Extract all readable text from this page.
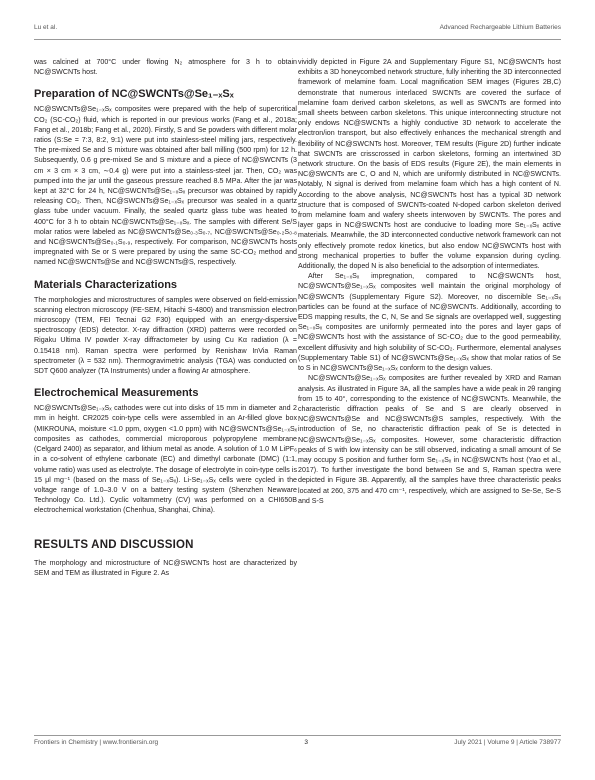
Lu et al.	Advanced Rechargeable Lithium Batteries

was calcined at 700°C under flowing N₂ atmosphere for 3 h to obtain NC@SWCNTs host.

Preparation of NC@SWCNTs@Se₁₋ₓSₓ

NC@SWCNTs@Se₁₋ₓSₓ composites were prepared with the help of supercritical CO₂ (SC-CO₂) fluid, which is reported in our previous works (Fang et al., 2018a; Fang et al., 2018b; Fang et al., 2020). Firstly, S and Se powders with different molar ratios (S:Se = 7:3, 8:2, 9:1) were put into stainless-steel milling jars, respectively. The pre-mixed Se and S mixture was obtained after ball milling (500 rpm) for 12 h. Subsequently, 0.6 g pre-mixed Se and S mixture and a piece of NC@SWCNTs (3 cm × 3 cm × 3 cm, ∼0.4 g) were put into a stainless-steel jar. Then, CO₂ was pumped into the jar until the gaseous pressure reached 8.5 MPa. After the jar was kept at 32°C for 24 h, NC@SWCNTs@Se₁₋ₓSₓ precursor was obtained by rapidly releasing CO₂. Then, NC@SWCNTs@Se₁₋ₓSₓ precursor was sealed in a quartz glass tube under vacuum. Finally, the sealed quartz glass tube was heated to 400°C for 3 h to obtain NC@SWCNTs@Se₁₋ₓSₓ. The samples with different Se/S molar ratios were labeled as NC@SWCNTs@Se₀.₃S₀.₇, NC@SWCNTs@Se₀.₂S₀.₈ and NC@SWCNTs@Se₀.₁S₀.₉, respectively. For comparison, NC@SWCNTs hosts impregnated with Se or S were prepared by using the same SC-CO₂ method and named NC@SWCNTs@Se and NC@SWCNTs@S, respectively.

Materials Characterizations

The morphologies and microstructures of samples were observed on field-emission scanning electron microscopy (FE-SEM, Hitachi S-4800) and transmission electron microscopy (TEM, FEI Tecnai G2 F30) equipped with an energy-dispersive spectroscopy (EDS) detector. X-ray diffraction (XRD) patterns were recorded on Rigaku Ultima IV powder X-ray diffractometer by using Cu Kα radiation (λ = 0.15418 nm). Raman spectra were performed by Renishaw InVia Raman spectrometer (λ = 532 nm). Thermogravimetric analysis (TGA) was conducted on SDT Q600 analyzer (TA Instruments) under a flowing Ar atmosphere.

Electrochemical Measurements

NC@SWCNTs@Se₁₋ₓSₓ cathodes were cut into disks of 15 mm in diameter and 2 mm in height. CR2025 coin-type cells were assembled in an Ar-filled glove box (MIKROUNA, moisture <1.0 ppm, oxygen <1.0 ppm) with NC@SWCNTs@Se₁₋ₓSₓ composites as cathodes, commercial microporous polypropylene membrane (Celgard 2400) as separator, and lithium metal as anode. A solution of 1.0 M LiPF₆ in a co-solvent of ethylene carbonate (EC) and dimethyl carbonate (DMC) (1:1, volume ratio) was used as electrolyte. The dosage of electrolyte in coin-type cells is 15 μl mg⁻¹ (based on the mass of Se₁₋ₓSₓ). Li-Se₁₋ₓSₓ cells were cycled in the voltage range of 1.0–3.0 V on a battery testing system (Shenzhen Newware Technology Co. Ltd.). Cyclic voltammetry (CV) was performed on a CHI650B electrochemical workstation (Chenhua, Shanghai, China).

RESULTS AND DISCUSSION

The morphology and microstructure of NC@SWCNTs host are characterized by SEM and TEM as illustrated in Figure 2. As

vividly depicted in Figure 2A and Supplementary Figure S1, NC@SWCNTs host exhibits a 3D honeycombed network structure, fully inheriting the 3D interconnected framework of melamine foam. Local magnification SEM images (Figures 2B,C) demonstrate that numerous interlaced SWCNTs are covered the surface of melamine foam derived carbon skeletons, as well as SWCNTs are formed into small sheets between carbon skeletons. This unique interconnecting structure not only endows NC@SWCNTs a highly conductive 3D network to accelerate the electron/ion transport, but also effectively enhances the mechanical strength and flexibility of NC@SWCNTs host. Moreover, TEM results (Figure 2D) further indicate that SWCNTs are crisscrossed in carbon skeletons, forming an intertwined 3D network structure. On the basis of EDS results (Figure 2E), the main elements in NC@SWCNTs are C, O and N, which are uniformly distributed in NC@SWCNTs. Notably, N signal is derived from melamine foam which has a high content of N. According to the above analysis, NC@SWCNTs host has a typical 3D network structure that is composed of SWCNTs-coated N-doped carbon skeleton derived from melamine foam and wafery sheets interwoven by SWCNTs. The pores and layer gaps in NC@SWCNTs host are conducive to loading more Se₁₋ₓSₓ active materials. Meanwhile, the 3D interconnected conductive network framework can not only effectively promote redox kinetics, but also endow NC@SWCNTs host with strong mechanical properties to buffer the volume expansion during cycling. Additionally, the doped N is also beneficial to the adsorption of intermediates.

After Se₁₋ₓSₓ impregnation, compared to NC@SWCNTs host, NC@SWCNTs@Se₁₋ₓSₓ composites well maintain the original morphology of NC@SWCNTs (Supplementary Figure S2). Moreover, no discernible Se₁₋ₓSₓ particles can be found at the surface of NC@SWCNTs. Additionally, according to EDS mapping results, the C, N, Se and Se signals are overlapped well, suggesting Se₁₋ₓSₓ composites are uniformly permeated into the pores and layer gaps of NC@SWCNTs host with the assistance of SC-CO₂ due to the good permeability, excellent diffusivity and high solubility of SC-CO₂. Furthermore, elemental analyses (Supplementary Table S1) of NC@SWCNTs@Se₁₋ₓSₓ show that molar ratios of Se to S in NC@SWCNTs@Se₁₋ₓSₓ conform to the design values.

NC@SWCNTs@Se₁₋ₓSₓ composites are further revealed by XRD and Raman analysis. As illustrated in Figure 3A, all the samples have a wide peak in 2θ ranging from 15 to 40°, corresponding to the existence of NC@SWCNTs. Meanwhile, the characteristic diffraction peaks of Se and S are clearly observed in NC@SWCNTs@Se and NC@SWCNTs@S samples, respectively. With the introduction of Se, no characteristic diffraction peak of Se is detected in NC@SWCNTs@Se₁₋ₓSₓ composites. However, some characteristic diffraction peaks of S with low intensity can be still observed, indicating a small amount of Se may occupy S position and further form Se₁₋ₓSₓ in NC@SWCNTs host (Yao et al., 2017). To further investigate the bond between Se and S, Raman spectra were depicted in Figure 3B. Apparently, all the samples have three characteristic peaks located at 260, 375 and 470 cm⁻¹, respectively, which are assigned to Se-Se, Se-S and S-S

Frontiers in Chemistry | www.frontiersin.org	3	July 2021 | Volume 9 | Article 738977
